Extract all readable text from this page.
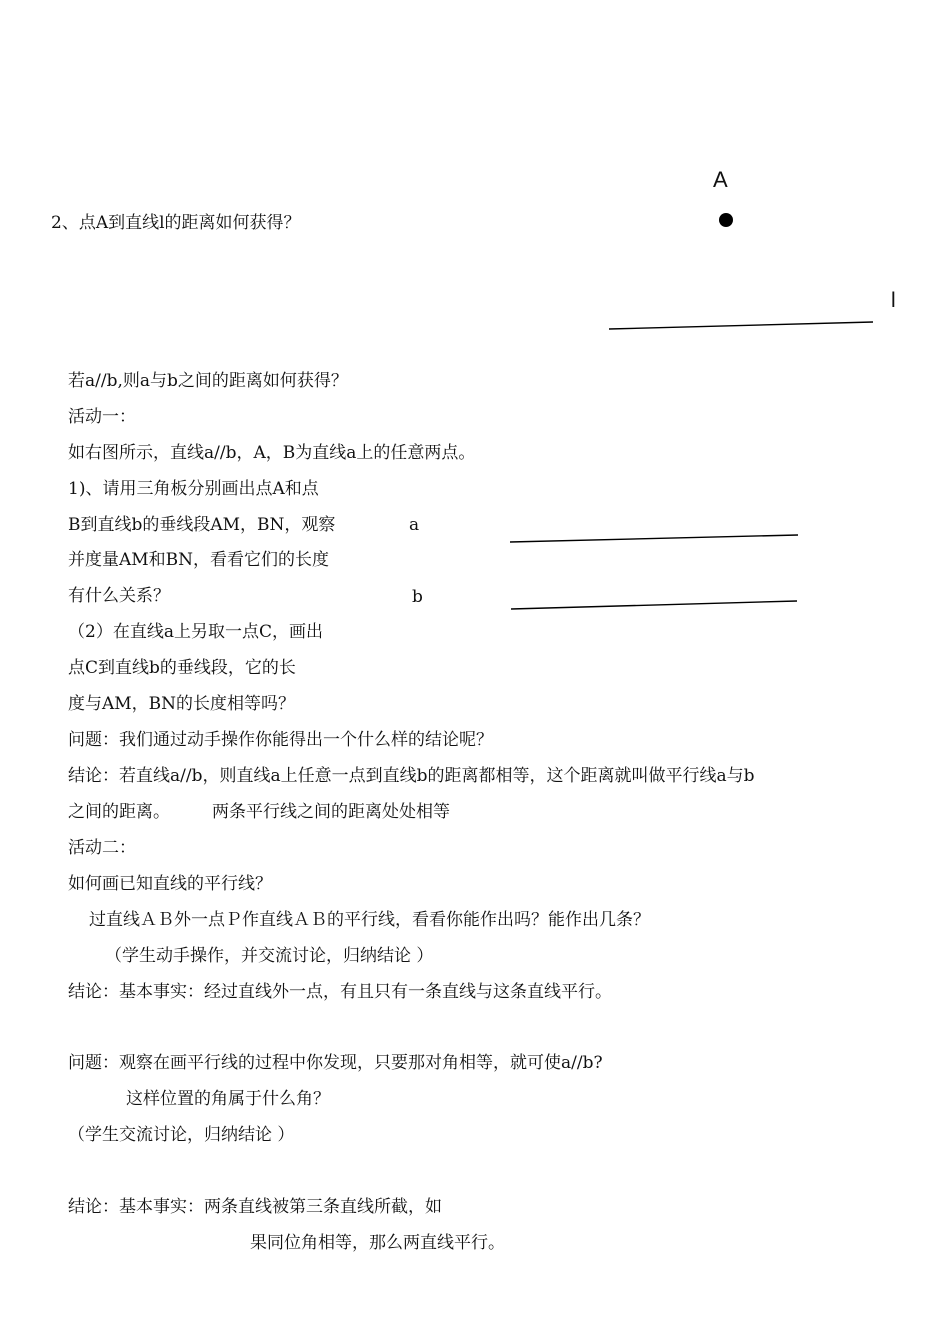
A
l
2、点A到直线l的距离如何获得？
若a//b,则a与b之间的距离如何获得？
活动一：
如右图所示，直线a//b，A，B为直线a上的任意两点。
1)、请用三角板分别画出点A和点
B到直线b的垂线段AM，BN，观察	a
并度量AM和BN，看看它们的长度
有什么关系？	b
（2）在直线a上另取一点C，画出
点C到直线b的垂线段，它的长
度与AM，BN的长度相等吗？
问题：我们通过动手操作你能得出一个什么样的结论呢？
结论：若直线a//b，则直线a上任意一点到直线b的距离都相等，这个距离就叫做平行线a与b
之间的距离。 两条平行线之间的距离处处相等
活动二：
如何画已知直线的平行线？
过直线ＡＢ外一点Ｐ作直线ＡＢ的平行线，看看你能作出吗？能作出几条？
（学生动手操作，并交流讨论，归纳结论 ）
结论：基本事实：经过直线外一点，有且只有一条直线与这条直线平行。
问题：观察在画平行线的过程中你发现，只要那对角相等，就可使a//b?
这样位置的角属于什么角？
（学生交流讨论，归纳结论 ）
结论：基本事实：两条直线被第三条直线所截，如
果同位角相等，那么两直线平行。
